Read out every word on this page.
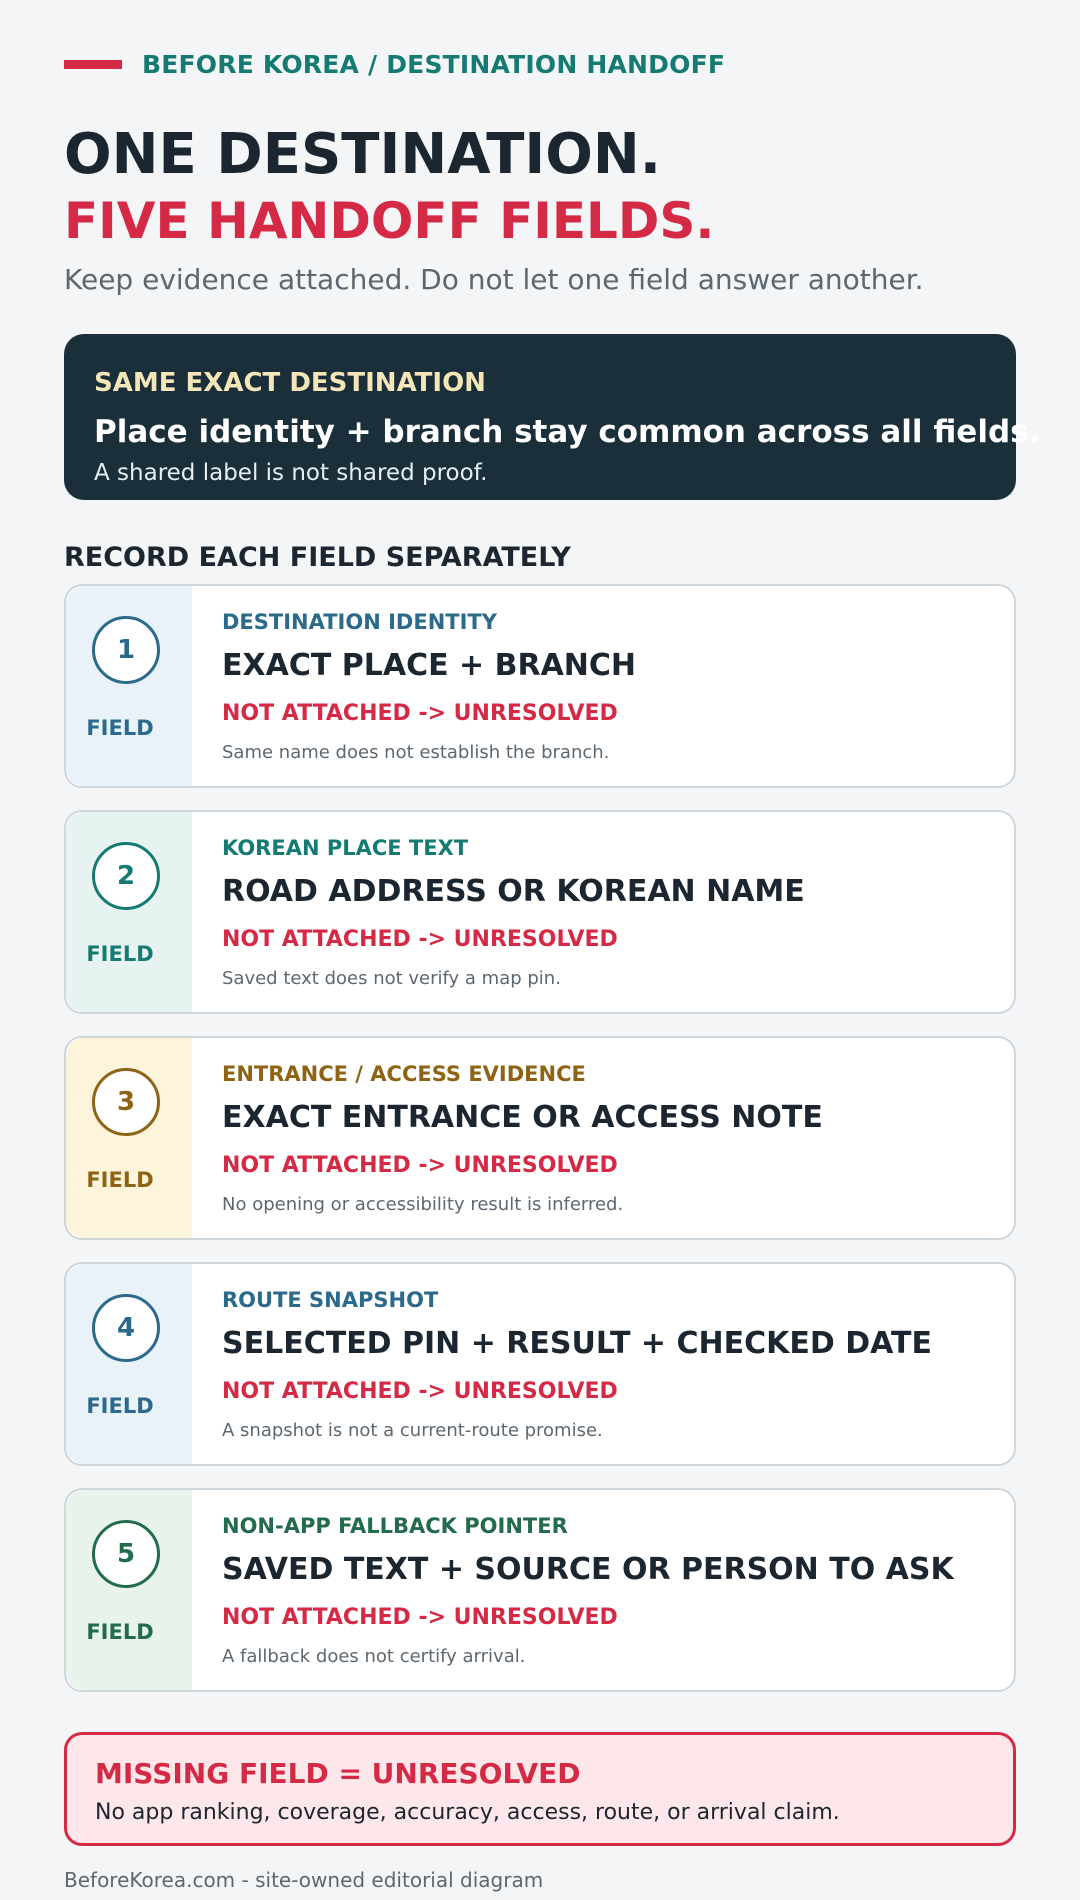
BEFORE KOREA / DESTINATION HANDOFF
ONE DESTINATION.
FIVE HANDOFF FIELDS.
Keep evidence attached. Do not let one field answer another.
SAME EXACT DESTINATION
Place identity + branch stay common across all fields.
A shared label is not shared proof.
RECORD EACH FIELD SEPARATELY
1
FIELD
DESTINATION IDENTITY
EXACT PLACE + BRANCH
NOT ATTACHED -> UNRESOLVED
Same name does not establish the branch.
2
FIELD
KOREAN PLACE TEXT
ROAD ADDRESS OR KOREAN NAME
NOT ATTACHED -> UNRESOLVED
Saved text does not verify a map pin.
3
FIELD
ENTRANCE / ACCESS EVIDENCE
EXACT ENTRANCE OR ACCESS NOTE
NOT ATTACHED -> UNRESOLVED
No opening or accessibility result is inferred.
4
FIELD
ROUTE SNAPSHOT
SELECTED PIN + RESULT + CHECKED DATE
NOT ATTACHED -> UNRESOLVED
A snapshot is not a current-route promise.
5
FIELD
NON-APP FALLBACK POINTER
SAVED TEXT + SOURCE OR PERSON TO ASK
NOT ATTACHED -> UNRESOLVED
A fallback does not certify arrival.
MISSING FIELD = UNRESOLVED
No app ranking, coverage, accuracy, access, route, or arrival claim.
BeforeKorea.com - site-owned editorial diagram
